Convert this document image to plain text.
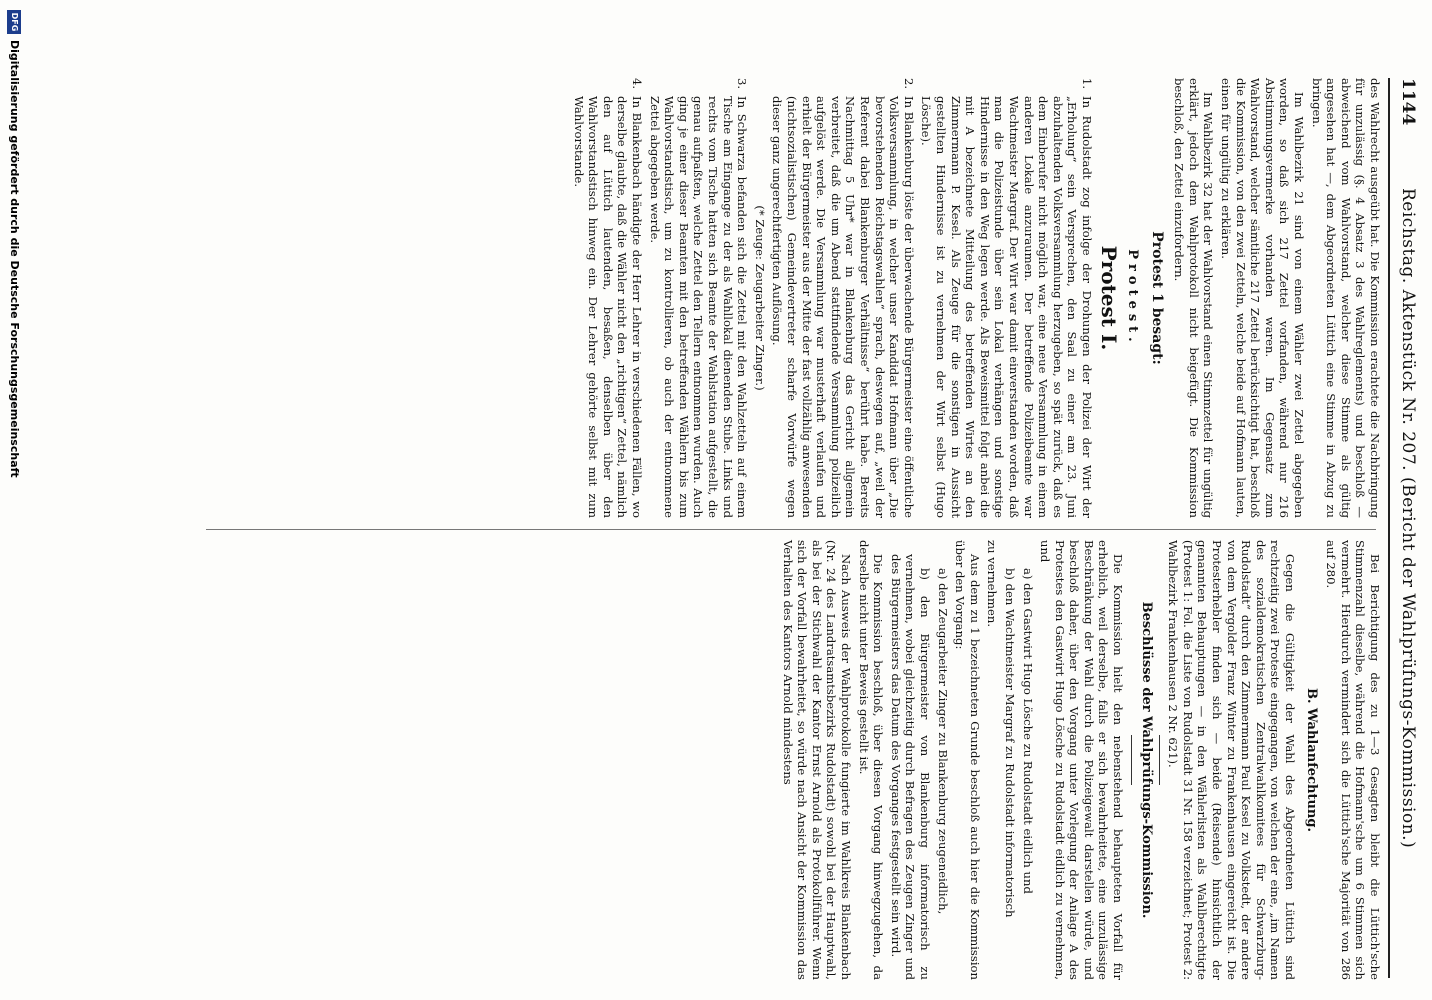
1144
Reichstag. Aktenstück Nr. 207. (Bericht der Wahlprüfungs-Kommission.)

des Wahlrecht ausgeübt hat. Die Kommission erachtete die Nachbringung für unzulässig (§. 4 Absatz 3 des Wahlreglements) und beschloß — abweichend vom Wahlvorstand, welcher diese Stimme als gültig angesehen hat —, dem Abgeordneten Lüttich eine Stimme in Abzug zu bringen.

Im Wahlbezirk 21 sind von einem Wähler zwei Zettel abgegeben worden, so daß sich 217 Zettel vorfanden, während nur 216 Abstimmungsvermerke vorhanden waren. Im Gegensatz zum Wahlvorstand, welcher sämtliche 217 Zettel berücksichtigt hat, beschloß die Kommission, von den zwei Zetteln, welche beide auf Hofmann lauten, einen für ungültig zu erklären.

Im Wahlbezirk 32 hat der Wahlvorstand einen Stimmzettel für ungültig erklärt, jedoch dem Wahlprotokoll nicht beigefügt. Die Kommission beschloß, den Zettel einzufordern.

Protest 1 besagt:
Protest.
Protest I.

1.
In Rudolstadt zog infolge der Drohungen der Polizei der Wirt der „Erholung“ sein Versprechen, den Saal zu einer am 23. Juni abzuhaltenden Volksversammlung herzugeben, so spät zurück, daß es dem Einberufer nicht möglich war, eine neue Versammlung in einem anderen Lokale anzuraumen. Der betreffende Polizeibeamte war Wachtmeister Margraf. Der Wirt war damit einverstanden worden, daß man die Polizeistunde über sein Lokal verhängen und sonstige Hindernisse in den Weg legen werde. Als Beweismittel folgt anbei die mit A bezeichnete Mitteilung des betreffenden Wirtes an den Zimmermann P. Kesel. Als Zeuge für die sonstigen in Aussicht gestellten Hindernisse ist zu vernehmen der Wirt selbst (Hugo Lösche).

2.
In Blankenburg löste der überwachende Bürgermeister eine öffentliche Volksversammlung, in welcher unser Kandidat Hofmann über „Die bevorstehenden Reichstagswahlen“ sprach, deswegen auf, „weil der Referent dabei Blankenburger Verhältnisse“ berührt habe. Bereits Nachmittag 5 Uhr* war in Blankenburg das Gericht allgemein verbreitet, daß die um Abend stattfindende Versammlung polizeilich aufgelöst werde. Die Versammlung war musterhaft verlaufen und erhielt der Bürgermeister aus der Mitte der fast vollzählig anwesenden (nichtsozialistischen) Gemeindevertreter scharfe Vorwürfe wegen dieser ganz ungerechtfertigten Auflösung.

(* Zeuge: Zeugarbeiter Zinger.)

3.
In Schwarza befanden sich die Zettel mit den Wahlzetteln auf einem Tische am Eingange zu der als Wahllokal dienenden Stube. Links und rechts vom Tische hatten sich Beamte der Wahlstation aufgestellt, die genau aufpaßten, welche Zettel den Tellern entnommen wurden. Auch ging je einer dieser Beamten mit den betreffenden Wählern bis zum Wahlvorstandstisch, um zu kontrollieren, ob auch der entnommene Zettel abgegeben werde.

4.
In Blankenbach händigte der Herr Lehrer in verschiedenen Fällen, wo derselbe glaubte, daß die Wähler nicht den „richtigen“ Zettel, nämlich den auf Lüttich lautenden, besaßen, denselben über den Wahlvorstandstisch hinweg ein. Der Lehrer gehörte selbst mit zum Wahlvorstande.

Bei Berichtigung des zu 1—3 Gesagten bleibt die Lüttich'sche Stimmenzahl dieselbe, während die Hofmann'sche um 6 Stimmen sich vermehrt. Hierdurch vermindert sich die Lüttich'sche Majorität von 286 auf 280.

B. Wahlanfechtung.

Gegen die Gültigkeit der Wahl des Abgeordneten Lüttich sind rechtzeitig zwei Proteste eingegangen, von welchen der eine, „im Namen des sozialdemokratischen Zentralwahlkomitees für Schwarzburg-Rudolstadt“ durch den Zimmermann Paul Kesel zu Volkstedt, der andere von dem Vergolder Franz Winter zu Frankenhausen eingereicht ist. Die Protesterhebler finden sich — beide (Reisende) hinsichtlich der genannten Behauptungen — in den Wählerlisten als Wahlberechtigte (Protest 1: Fol. die Liste von Rudolstadt 31 Nr. 158 verzeichnet; Protest 2: Wahlbezirk Frankenhausen 2 Nr. 621).

Beschlüsse der Wahlprüfungs-Kommission.

Die Kommission hielt den nebenstehend behaupteten Vorfall für erheblich, weil derselbe, falls er sich bewahrheitete, eine unzulässige Beschränkung der Wahl durch die Polizeigewalt darstellen würde, und beschloß daher, über den Vorgang unter Vorlegung der Anlage A des Protestes den Gastwirt Hugo Lösche zu Rudolstadt eidlich zu vernehmen, und

a) den Gastwirt Hugo Lösche zu Rudolstadt eidlich und

b) den Wachtmeister Margraf zu Rudolstadt informatorisch

zu vernehmen.

Aus dem zu 1 bezeichneten Grunde beschloß auch hier die Kommission über den Vorgang:

a) den Zeugarbeiter Zinger zu Blankenburg zeugeneidlich,

b) den Bürgermeister von Blankenburg informatorisch zu vernehmen, wobei gleichzeitig durch Befragen des Zeugen Zinger und des Bürgermeisters das Datum des Vorganges festgestellt sein wird.

Die Kommission beschloß, über diesen Vorgang hinwegzugehen, da derselbe nicht unter Beweis gestellt ist.

Nach Ausweis der Wahlprotokolle fungierte im Wahlkreis Blankenbach (Nr. 24 des Landratsamtsbezirks Rudolstadt) sowohl bei der Hauptwahl, als bei der Stichwahl der Kantor Ernst Arnold als Protokollführer. Wenn sich der Vorfall bewahrheitet, so würde nach Ansicht der Kommission das Verhalten des Kantors Arnold mindestens

DFG
Digitalisierung gefördert durch die Deutsche Forschungsgemeinschaft
